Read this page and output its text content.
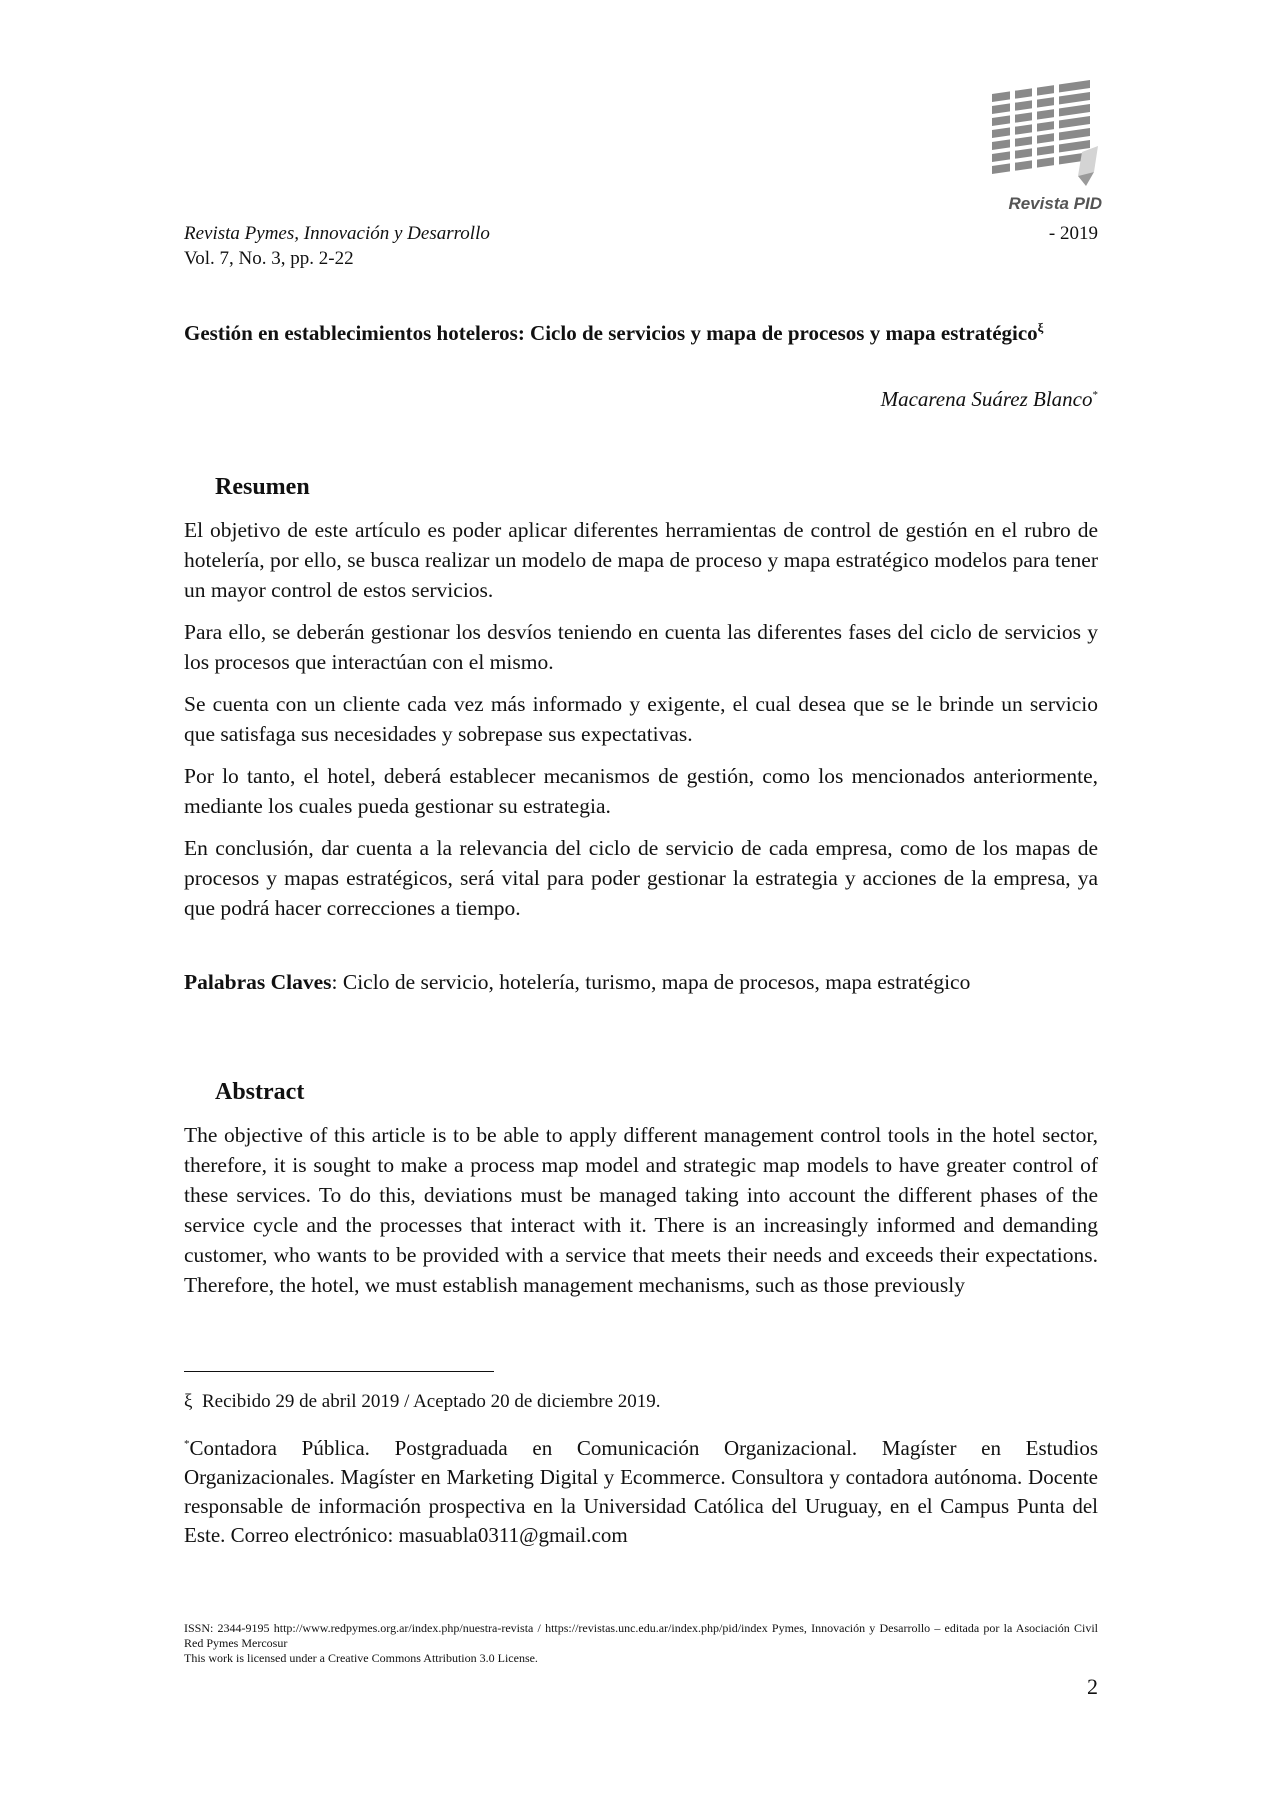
Revista PID
Revista Pymes, Innovación y Desarrollo	- 2019
Vol. 7, No. 3, pp. 2-22
Gestión en establecimientos hoteleros: Ciclo de servicios y mapa de procesos y mapa estratégico$^\xi$
Macarena Suárez Blanco*
Resumen

El objetivo de este artículo es poder aplicar diferentes herramientas de control de gestión en el rubro de hotelería, por ello, se busca realizar un modelo de mapa de proceso y mapa estratégico modelos para tener un mayor control de estos servicios.

Para ello, se deberán gestionar los desvíos teniendo en cuenta las diferentes fases del ciclo de servicios y los procesos que interactúan con el mismo.

Se cuenta con un cliente cada vez más informado y exigente, el cual desea que se le brinde un servicio que satisfaga sus necesidades y sobrepase sus expectativas.

Por lo tanto, el hotel, deberá establecer mecanismos de gestión, como los mencionados anteriormente, mediante los cuales pueda gestionar su estrategia.

En conclusión, dar cuenta a la relevancia del ciclo de servicio de cada empresa, como de los mapas de procesos y mapas estratégicos, será vital para poder gestionar la estrategia y acciones de la empresa, ya que podrá hacer correcciones a tiempo.

Palabras Claves: Ciclo de servicio, hotelería, turismo, mapa de procesos, mapa estratégico
Abstract
The objective of this article is to be able to apply different management control tools in the hotel sector, therefore, it is sought to make a process map model and strategic map models to have greater control of these services. To do this, deviations must be managed taking into account the different phases of the service cycle and the processes that interact with it. There is an increasingly informed and demanding customer, who wants to be provided with a service that meets their needs and exceeds their expectations. Therefore, the hotel, we must establish management mechanisms, such as those previously
ξ Recibido 29 de abril 2019 / Aceptado 20 de diciembre 2019.
*Contadora Pública. Postgraduada en Comunicación Organizacional. Magíster en Estudios Organizacionales. Magíster en Marketing Digital y Ecommerce. Consultora y contadora autónoma. Docente responsable de información prospectiva en la Universidad Católica del Uruguay, en el Campus Punta del Este. Correo electrónico: masuabla0311@gmail.com
ISSN: 2344-9195 http://www.redpymes.org.ar/index.php/nuestra-revista / https://revistas.unc.edu.ar/index.php/pid/index Pymes, Innovación y Desarrollo – editada por la Asociación Civil Red Pymes Mercosur
This work is licensed under a Creative Commons Attribution 3.0 License.
2
